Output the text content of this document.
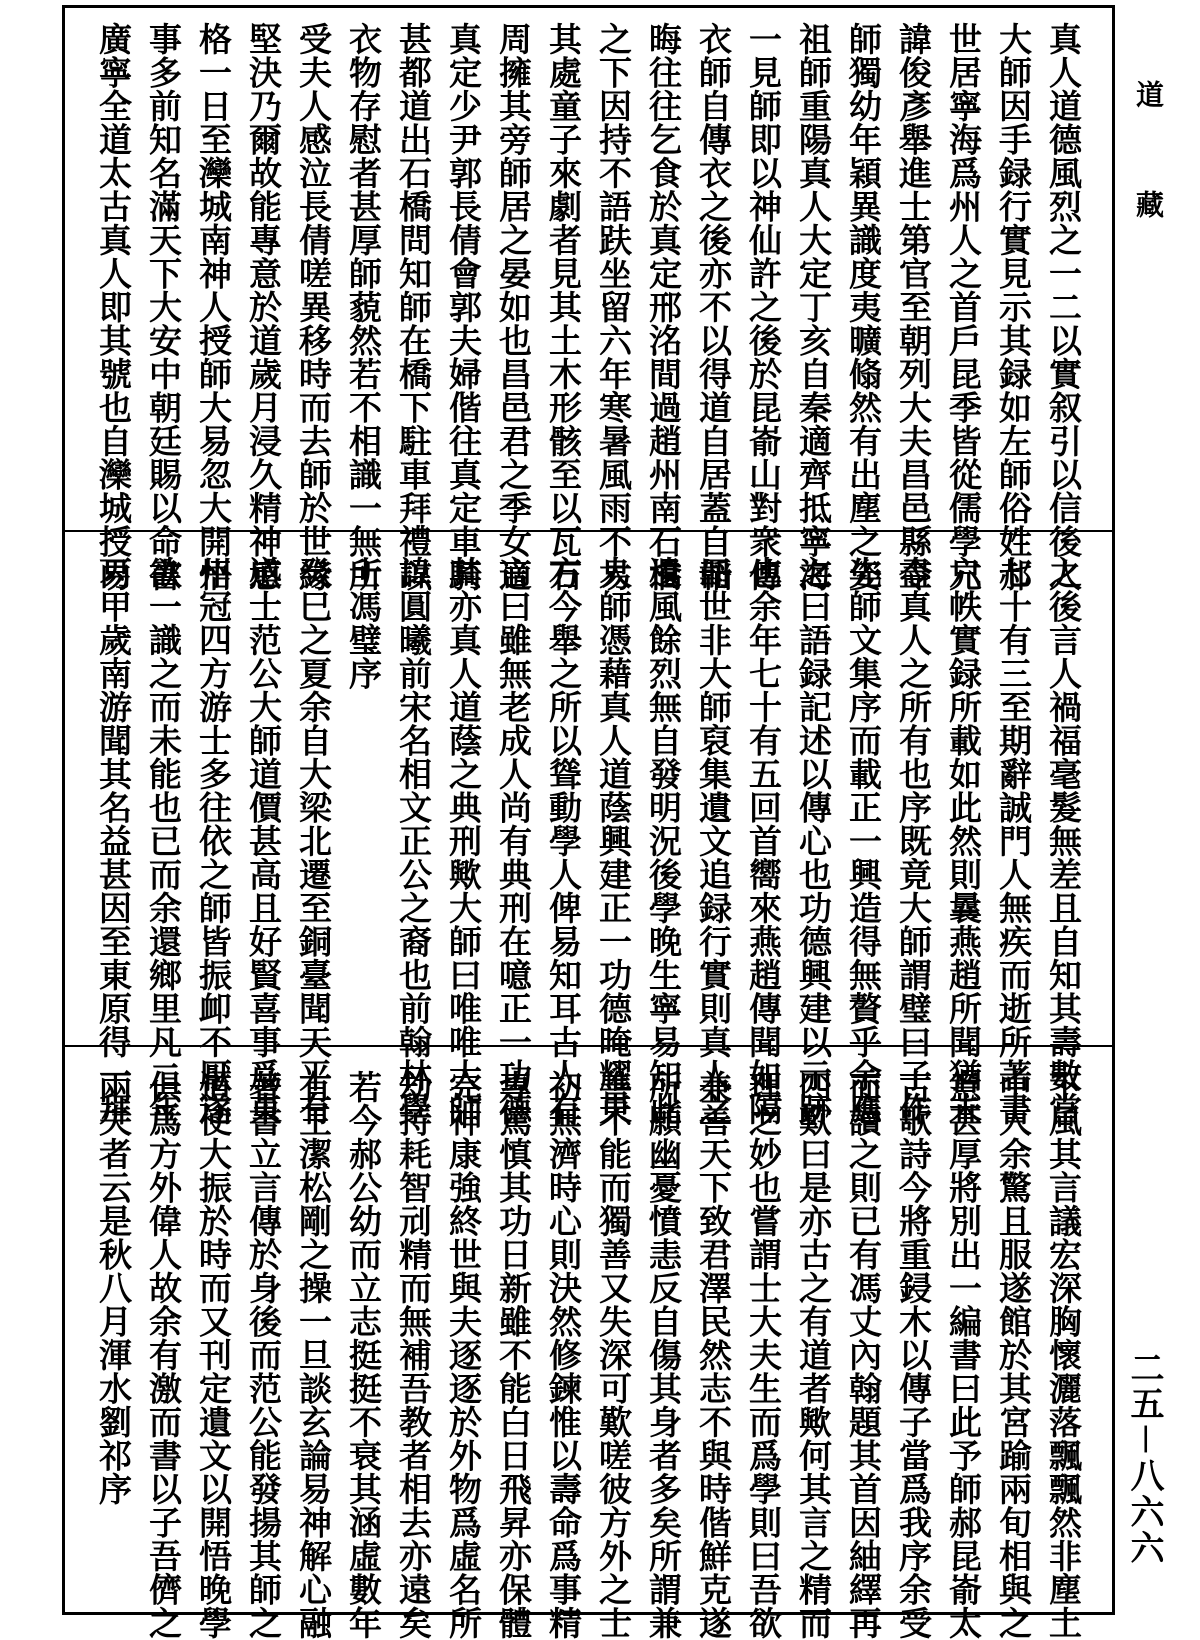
真人道德風烈之一二以實叙引以信後人
大師因手録行實見示其録如左師俗姓郝
世居寧海爲州人之首戶昆季皆從儒學兄
諱俊彥舉進士第官至朝列大夫昌邑縣令
師獨幼年穎異識度夷曠翛然有出塵之姿
祖師重陽真人大定丁亥自秦適齊抵寧海
一見師即以神仙許之後於昆嵛山對衆傳
衣師自傳衣之後亦不以得道自居蓋自韜
晦往往乞食於真定邢洺間過趙州南石橋
之下因持不語趺坐留六年寒暑風雨不易
其處童子來劇者見其土木形骸至以瓦石
周擁其旁師居之晏如也昌邑君之季女適
真定少尹郭長倩會郭夫婦偕往真定車騎
甚都道出石橋問知師在橋下駐車拜禮以
衣物存慰者甚厚師藐然若不相識一無所
受夫人感泣長倩嗟異移時而去師於世緣
堅決乃爾故能專意於道歲月浸久精神感
格一日至灤城南神人授師大易忽大開悟
事多前知名滿天下大安中朝廷賜以命書
廣寧全道太古真人即其號也自灤城授易
之後言人禍福毫髮無差且自知其壽數當
七十有三至期辭誠門人無疾而逝所著書
六帙實録所載如此然則曩燕趙所聞猶未
盡真人之所有也序既竟大師謂璧曰子作
先師文集序而載正一興造得無贅乎余應
之曰語録記述以傳心也功德興建以示跡
也余年七十有五回首嚮來燕趙傳聞如隔
冊世非大師裒集遺文追録行實則真人之
遺風餘烈無自發明況後學晚生寧易知此
大師憑藉真人道蔭興建正一功德晻耀東
方今舉之所以聳動學人俾易知耳古人有
言曰雖無老成人尚有典刑在噫正一功德
其亦真人道蔭之典刑歟大師曰唯唯大師
諱圓曦前宋名相文正公之裔也前翰林學
士馮璧序
癸巳之夏余自大梁北遷至銅臺聞天平有
道士范公大師道價甚高且好賢喜事爲東
州冠四方游士多往依之師皆振卹不厭遂
欲一識之而未能也已而余還鄉里凡二年
丙甲歲南游聞其名益甚因至東原得一拜
下風其言議宏深胸懷灑落飄飄然非塵土
中人余驚且服遂館於其宮踰兩旬相與之
意甚厚將別出一編書曰此予師郝昆嵛太
古歌詩今將重鋟木以傳子當爲我序余受
而讀之則已有馮丈內翰題其首因紬繹再
四歎曰是亦古之有道者歟何其言之精而
理之妙也嘗謂士大夫生而爲學則曰吾欲
兼善天下致君澤民然志不與時偕鮮克遂
所願幽憂憤恚反自傷其身者多矣所謂兼
善不能而獨善又失深可歎嗟彼方外之士
初無濟時心則決然修鍊惟以壽命爲事精
專篤慎其功日新雖不能白日飛昇亦保體
完神康強終世與夫逐逐於外物爲虛名所
劫持耗智刓精而無補吾教者相去亦遠矣
若今郝公幼而立志挺挺不衰其涵虛數年
有王潔松剛之操一旦談玄論易神解心融
著書立言傳於身後而范公能發揚其師之
道使大振於時而又刊定遺文以開悟晚學
俱爲方外偉人故余有激而書以子吾儕之
兩失者云是秋八月渾水劉祁序
道藏
二五－八六六
